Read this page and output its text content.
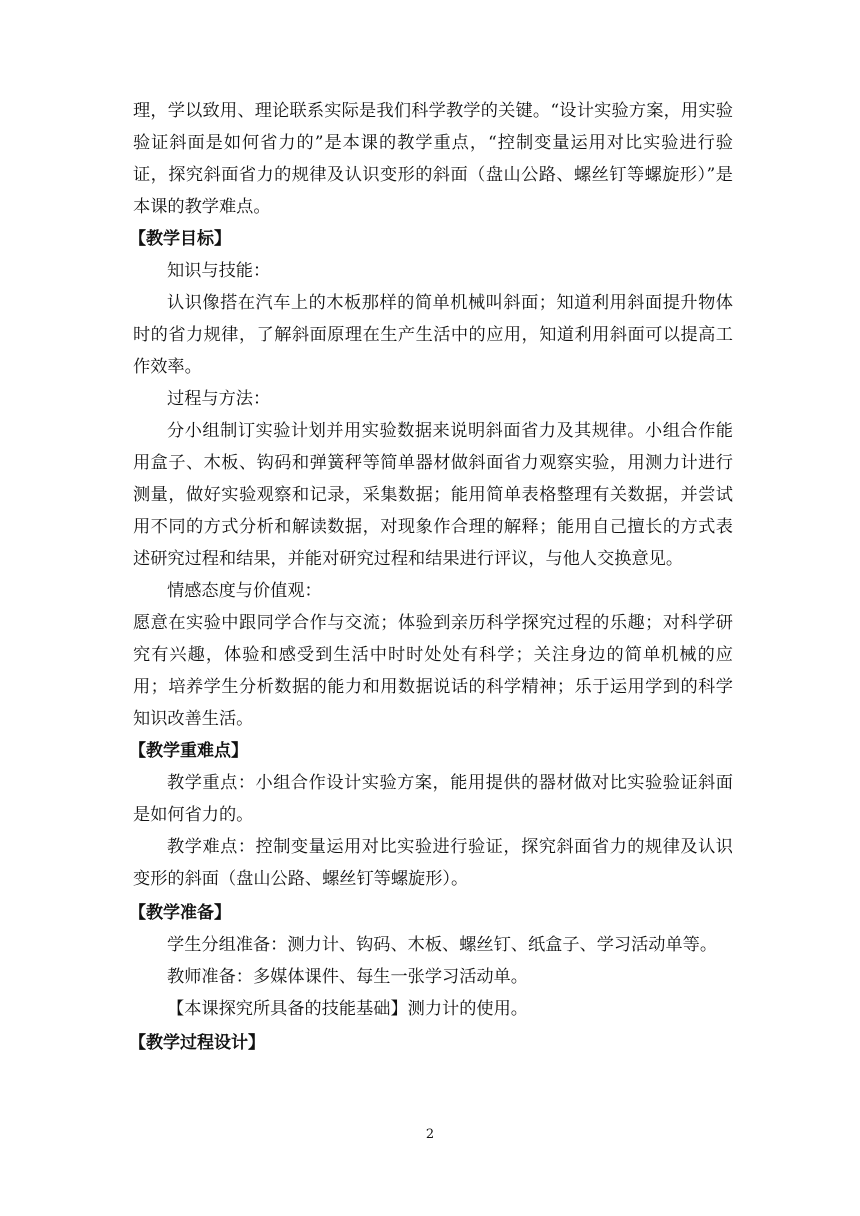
理，学以致用、理论联系实际是我们科学教学的关键。“设计实验方案，用实验验证斜面是如何省力的”是本课的教学重点，“控制变量运用对比实验进行验证，探究斜面省力的规律及认识变形的斜面（盘山公路、螺丝钉等螺旋形）”是本课的教学难点。

【教学目标】

知识与技能：

认识像搭在汽车上的木板那样的简单机械叫斜面；知道利用斜面提升物体时的省力规律，了解斜面原理在生产生活中的应用，知道利用斜面可以提高工作效率。

过程与方法：

分小组制订实验计划并用实验数据来说明斜面省力及其规律。小组合作能用盒子、木板、钩码和弹簧秤等简单器材做斜面省力观察实验，用测力计进行测量，做好实验观察和记录，采集数据；能用简单表格整理有关数据，并尝试用不同的方式分析和解读数据，对现象作合理的解释；能用自己擅长的方式表述研究过程和结果，并能对研究过程和结果进行评议，与他人交换意见。

情感态度与价值观：

愿意在实验中跟同学合作与交流；体验到亲历科学探究过程的乐趣；对科学研究有兴趣，体验和感受到生活中时时处处有科学；关注身边的简单机械的应用；培养学生分析数据的能力和用数据说话的科学精神；乐于运用学到的科学知识改善生活。

【教学重难点】

教学重点：小组合作设计实验方案，能用提供的器材做对比实验验证斜面是如何省力的。

教学难点：控制变量运用对比实验进行验证，探究斜面省力的规律及认识变形的斜面（盘山公路、螺丝钉等螺旋形）。

【教学准备】

学生分组准备：测力计、钩码、木板、螺丝钉、纸盒子、学习活动单等。

教师准备：多媒体课件、每生一张学习活动单。

【本课探究所具备的技能基础】测力计的使用。

【教学过程设计】
2
